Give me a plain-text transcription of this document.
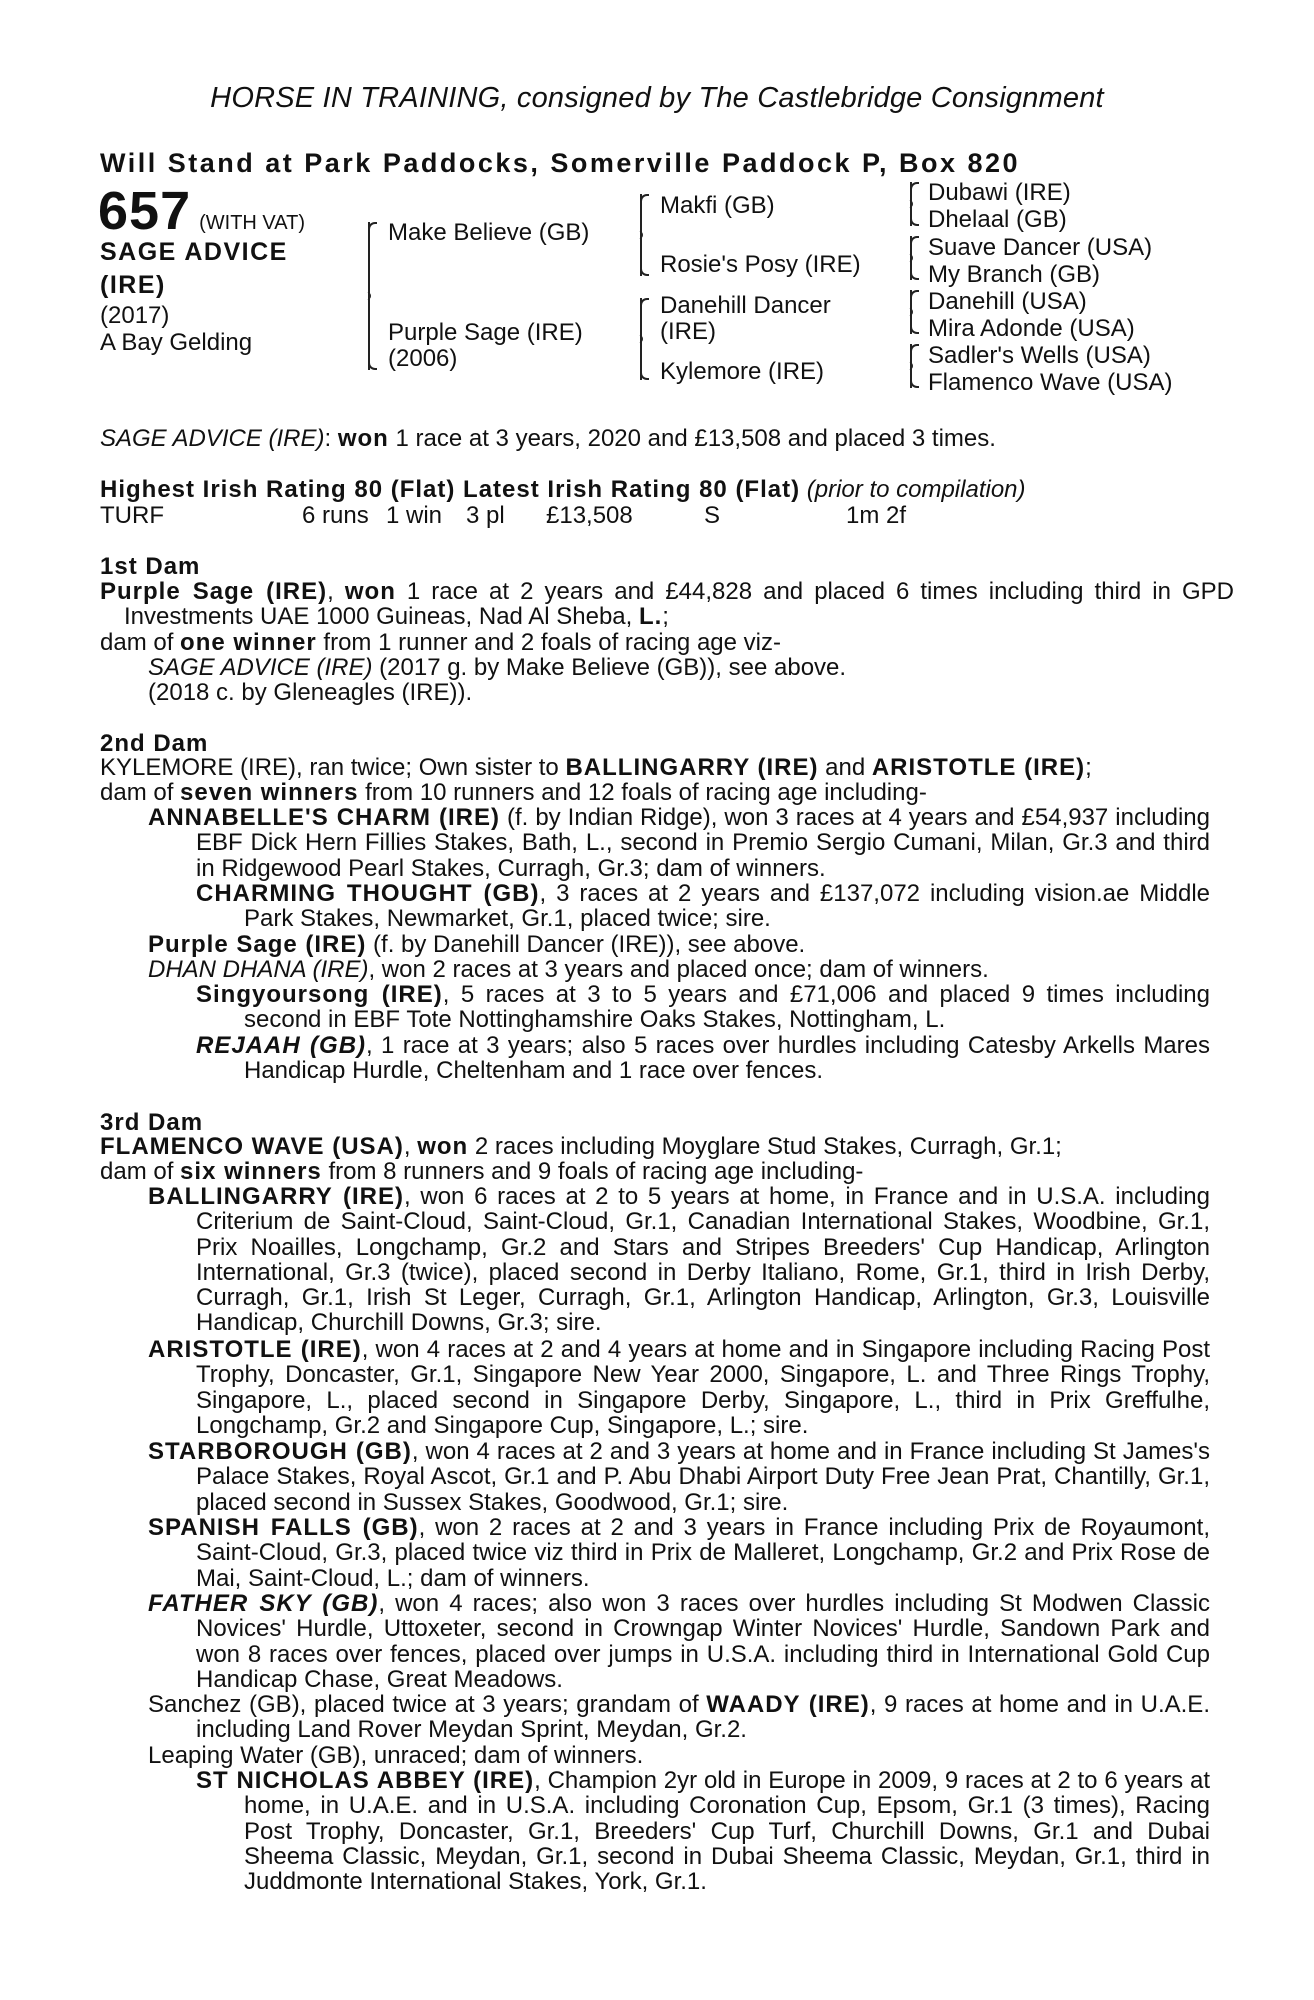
HORSE IN TRAINING, consigned by The Castlebridge Consignment
Will Stand at Park Paddocks, Somerville Paddock P, Box 820
657 (WITH VAT)
SAGE ADVICE
(IRE)
(2017)
A Bay Gelding
Make Believe (GB)
Purple Sage (IRE)
(2006)
Makfi (GB)
Rosie's Posy (IRE)
Danehill Dancer
(IRE)
Kylemore (IRE)
Dubawi (IRE)
Dhelaal (GB)
Suave Dancer (USA)
My Branch (GB)
Danehill (USA)
Mira Adonde (USA)
Sadler's Wells (USA)
Flamenco Wave (USA)
SAGE ADVICE (IRE): won 1 race at 3 years, 2020 and £13,508 and placed 3 times.
Highest Irish Rating 80 (Flat) Latest Irish Rating 80 (Flat) (prior to compilation)
TURF	6 runs 1 win 3 pl £13,508	S	1m 2f
1st Dam
Purple Sage (IRE), won 1 race at 2 years and £44,828 and placed 6 times including third in GPD Investments UAE 1000 Guineas, Nad Al Sheba, L.;
dam of one winner from 1 runner and 2 foals of racing age viz-
SAGE ADVICE (IRE) (2017 g. by Make Believe (GB)), see above.
(2018 c. by Gleneagles (IRE)).
2nd Dam
KYLEMORE (IRE), ran twice; Own sister to BALLINGARRY (IRE) and ARISTOTLE (IRE);
dam of seven winners from 10 runners and 12 foals of racing age including-
ANNABELLE'S CHARM (IRE) (f. by Indian Ridge), won 3 races at 4 years and £54,937 including EBF Dick Hern Fillies Stakes, Bath, L., second in Premio Sergio Cumani, Milan, Gr.3 and third in Ridgewood Pearl Stakes, Curragh, Gr.3; dam of winners.
CHARMING THOUGHT (GB), 3 races at 2 years and £137,072 including vision.ae Middle Park Stakes, Newmarket, Gr.1, placed twice; sire.
Purple Sage (IRE) (f. by Danehill Dancer (IRE)), see above.
DHAN DHANA (IRE), won 2 races at 3 years and placed once; dam of winners.
Singyoursong (IRE), 5 races at 3 to 5 years and £71,006 and placed 9 times including second in EBF Tote Nottinghamshire Oaks Stakes, Nottingham, L.
REJAAH (GB), 1 race at 3 years; also 5 races over hurdles including Catesby Arkells Mares Handicap Hurdle, Cheltenham and 1 race over fences.
3rd Dam
FLAMENCO WAVE (USA), won 2 races including Moyglare Stud Stakes, Curragh, Gr.1;
dam of six winners from 8 runners and 9 foals of racing age including-
BALLINGARRY (IRE), won 6 races at 2 to 5 years at home, in France and in U.S.A. including Criterium de Saint-Cloud, Saint-Cloud, Gr.1, Canadian International Stakes, Woodbine, Gr.1, Prix Noailles, Longchamp, Gr.2 and Stars and Stripes Breeders' Cup Handicap, Arlington International, Gr.3 (twice), placed second in Derby Italiano, Rome, Gr.1, third in Irish Derby, Curragh, Gr.1, Irish St Leger, Curragh, Gr.1, Arlington Handicap, Arlington, Gr.3, Louisville Handicap, Churchill Downs, Gr.3; sire.
ARISTOTLE (IRE), won 4 races at 2 and 4 years at home and in Singapore including Racing Post Trophy, Doncaster, Gr.1, Singapore New Year 2000, Singapore, L. and Three Rings Trophy, Singapore, L., placed second in Singapore Derby, Singapore, L., third in Prix Greffulhe, Longchamp, Gr.2 and Singapore Cup, Singapore, L.; sire.
STARBOROUGH (GB), won 4 races at 2 and 3 years at home and in France including St James's Palace Stakes, Royal Ascot, Gr.1 and P. Abu Dhabi Airport Duty Free Jean Prat, Chantilly, Gr.1, placed second in Sussex Stakes, Goodwood, Gr.1; sire.
SPANISH FALLS (GB), won 2 races at 2 and 3 years in France including Prix de Royaumont, Saint-Cloud, Gr.3, placed twice viz third in Prix de Malleret, Longchamp, Gr.2 and Prix Rose de Mai, Saint-Cloud, L.; dam of winners.
FATHER SKY (GB), won 4 races; also won 3 races over hurdles including St Modwen Classic Novices' Hurdle, Uttoxeter, second in Crowngap Winter Novices' Hurdle, Sandown Park and won 8 races over fences, placed over jumps in U.S.A. including third in International Gold Cup Handicap Chase, Great Meadows.
Sanchez (GB), placed twice at 3 years; grandam of WAADY (IRE), 9 races at home and in U.A.E. including Land Rover Meydan Sprint, Meydan, Gr.2.
Leaping Water (GB), unraced; dam of winners.
ST NICHOLAS ABBEY (IRE), Champion 2yr old in Europe in 2009, 9 races at 2 to 6 years at home, in U.A.E. and in U.S.A. including Coronation Cup, Epsom, Gr.1 (3 times), Racing Post Trophy, Doncaster, Gr.1, Breeders' Cup Turf, Churchill Downs, Gr.1 and Dubai Sheema Classic, Meydan, Gr.1, second in Dubai Sheema Classic, Meydan, Gr.1, third in Juddmonte International Stakes, York, Gr.1.
